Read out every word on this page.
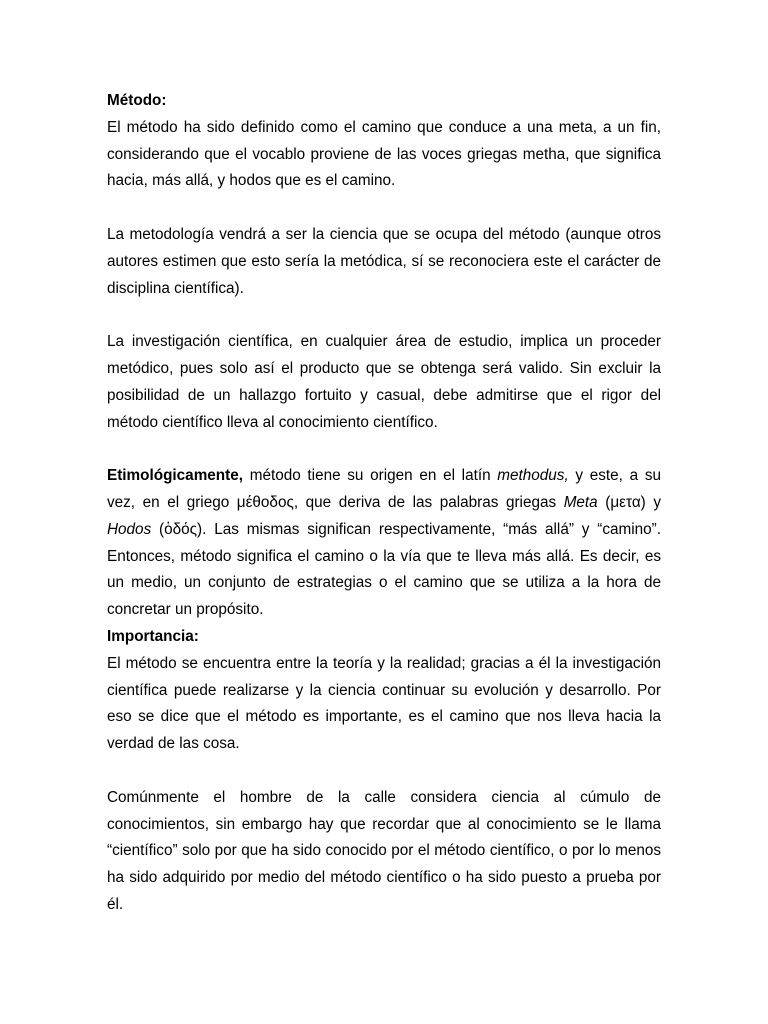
Método:

El método ha sido definido como el camino que conduce a una meta, a un fin, considerando que el vocablo proviene de las voces griegas metha, que significa hacia, más allá, y hodos que es el camino.

La metodología vendrá a ser la ciencia que se ocupa del método (aunque otros autores estimen que esto sería la metódica, sí se reconociera este el carácter de disciplina científica).

La investigación científica, en cualquier área de estudio, implica un proceder metódico, pues solo así el producto que se obtenga será valido. Sin excluir la posibilidad de un hallazgo fortuito y casual, debe admitirse que el rigor del método científico lleva al conocimiento científico.

Etimológicamente, método tiene su origen en el latín methodus, y este, a su vez, en el griego μέθοδος, que deriva de las palabras griegas Meta (μετα) y Hodos (ὁδός). Las mismas significan respectivamente, “más allá” y “camino”. Entonces, método significa el camino o la vía que te lleva más allá. Es decir, es un medio, un conjunto de estrategias o el camino que se utiliza a la hora de concretar un propósito.

Importancia:

El método se encuentra entre la teoría y la realidad; gracias a él la investigación científica puede realizarse y la ciencia continuar su evolución y desarrollo. Por eso se dice que el método es importante, es el camino que nos lleva hacia la verdad de las cosa.

Comúnmente el hombre de la calle considera ciencia al cúmulo de conocimientos, sin embargo hay que recordar que al conocimiento se le llama “científico” solo por que ha sido conocido por el método científico, o por lo menos ha sido adquirido por medio del método científico o ha sido puesto a prueba por él.
